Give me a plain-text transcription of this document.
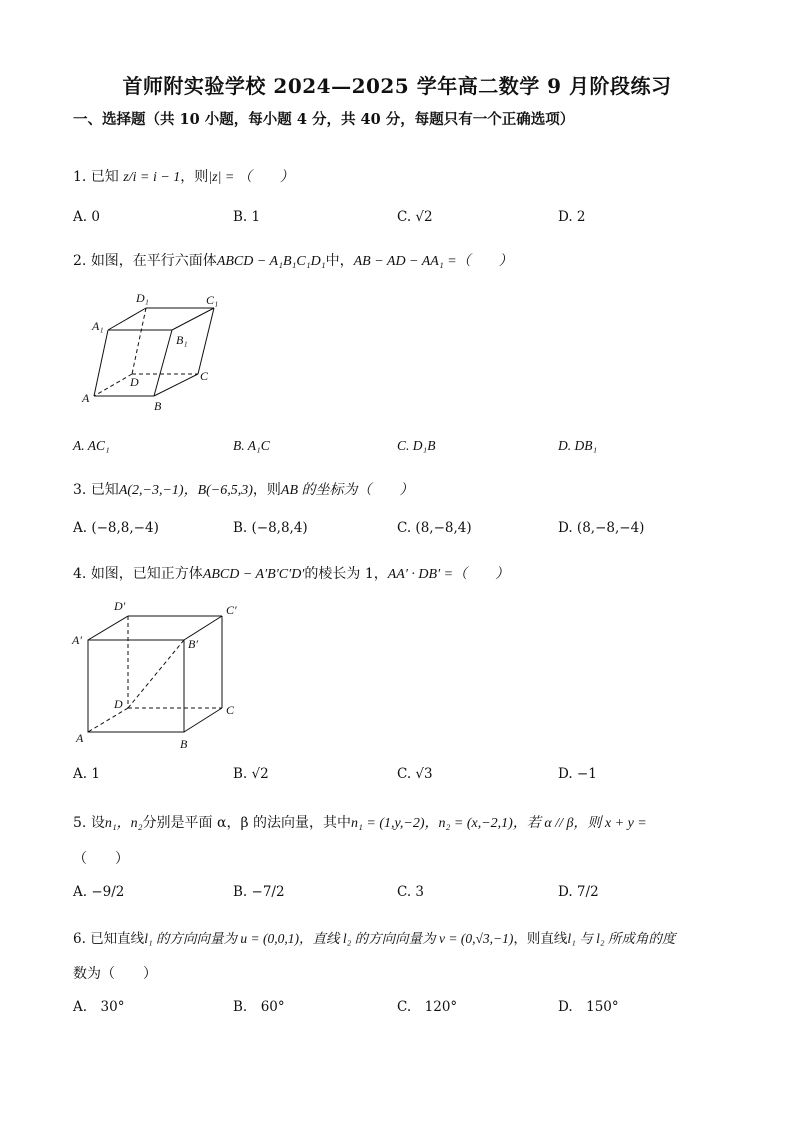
首师附实验学校 2024—2025 学年高二数学 9 月阶段练习
一、选择题（共 10 小题，每小题 4 分，共 40 分，每题只有一个正确选项）
1. 已知 z/i = i − 1，则|z| = （　　）
A. 0	B. 1	C. √2	D. 2
2. 如图，在平行六面体ABCD − A₁B₁C₁D₁中，AB − AD − AA₁ =（　　）
D₁	C₁
A₁
B₁
D	C
A
B
A. AC₁	B. A₁C	C. D₁B	D. DB₁
3. 已知A(2,−3,−1)，B(−6,5,3)，则AB 的坐标为（　　）
A. (−8,8,−4)	B. (−8,8,4)	C. (8,−8,4)	D. (8,−8,−4)
4. 如图，已知正方体ABCD − A′B′C′D′的棱长为 1，AA′ · DB′ =（　　）
D′	C′
A′	B′
D	C
A	B
A. 1	B. √2	C. √3	D. −1
5. 设n₁，n₂分别是平面 α，β 的法向量，其中n₁ = (1,y,−2)，n₂ = (x,−2,1)，若 α // β，则 x + y =
（　　）
A. −9/2	B. −7/2	C. 3	D. 7/2
6. 已知直线l₁ 的方向向量为 u = (0,0,1)，直线 l₂ 的方向向量为 v = (0,√3,−1)，则直线l₁ 与 l₂ 所成角的度
数为（　　）
A.　30°	B.　60°	C.　120°	D.　150°
